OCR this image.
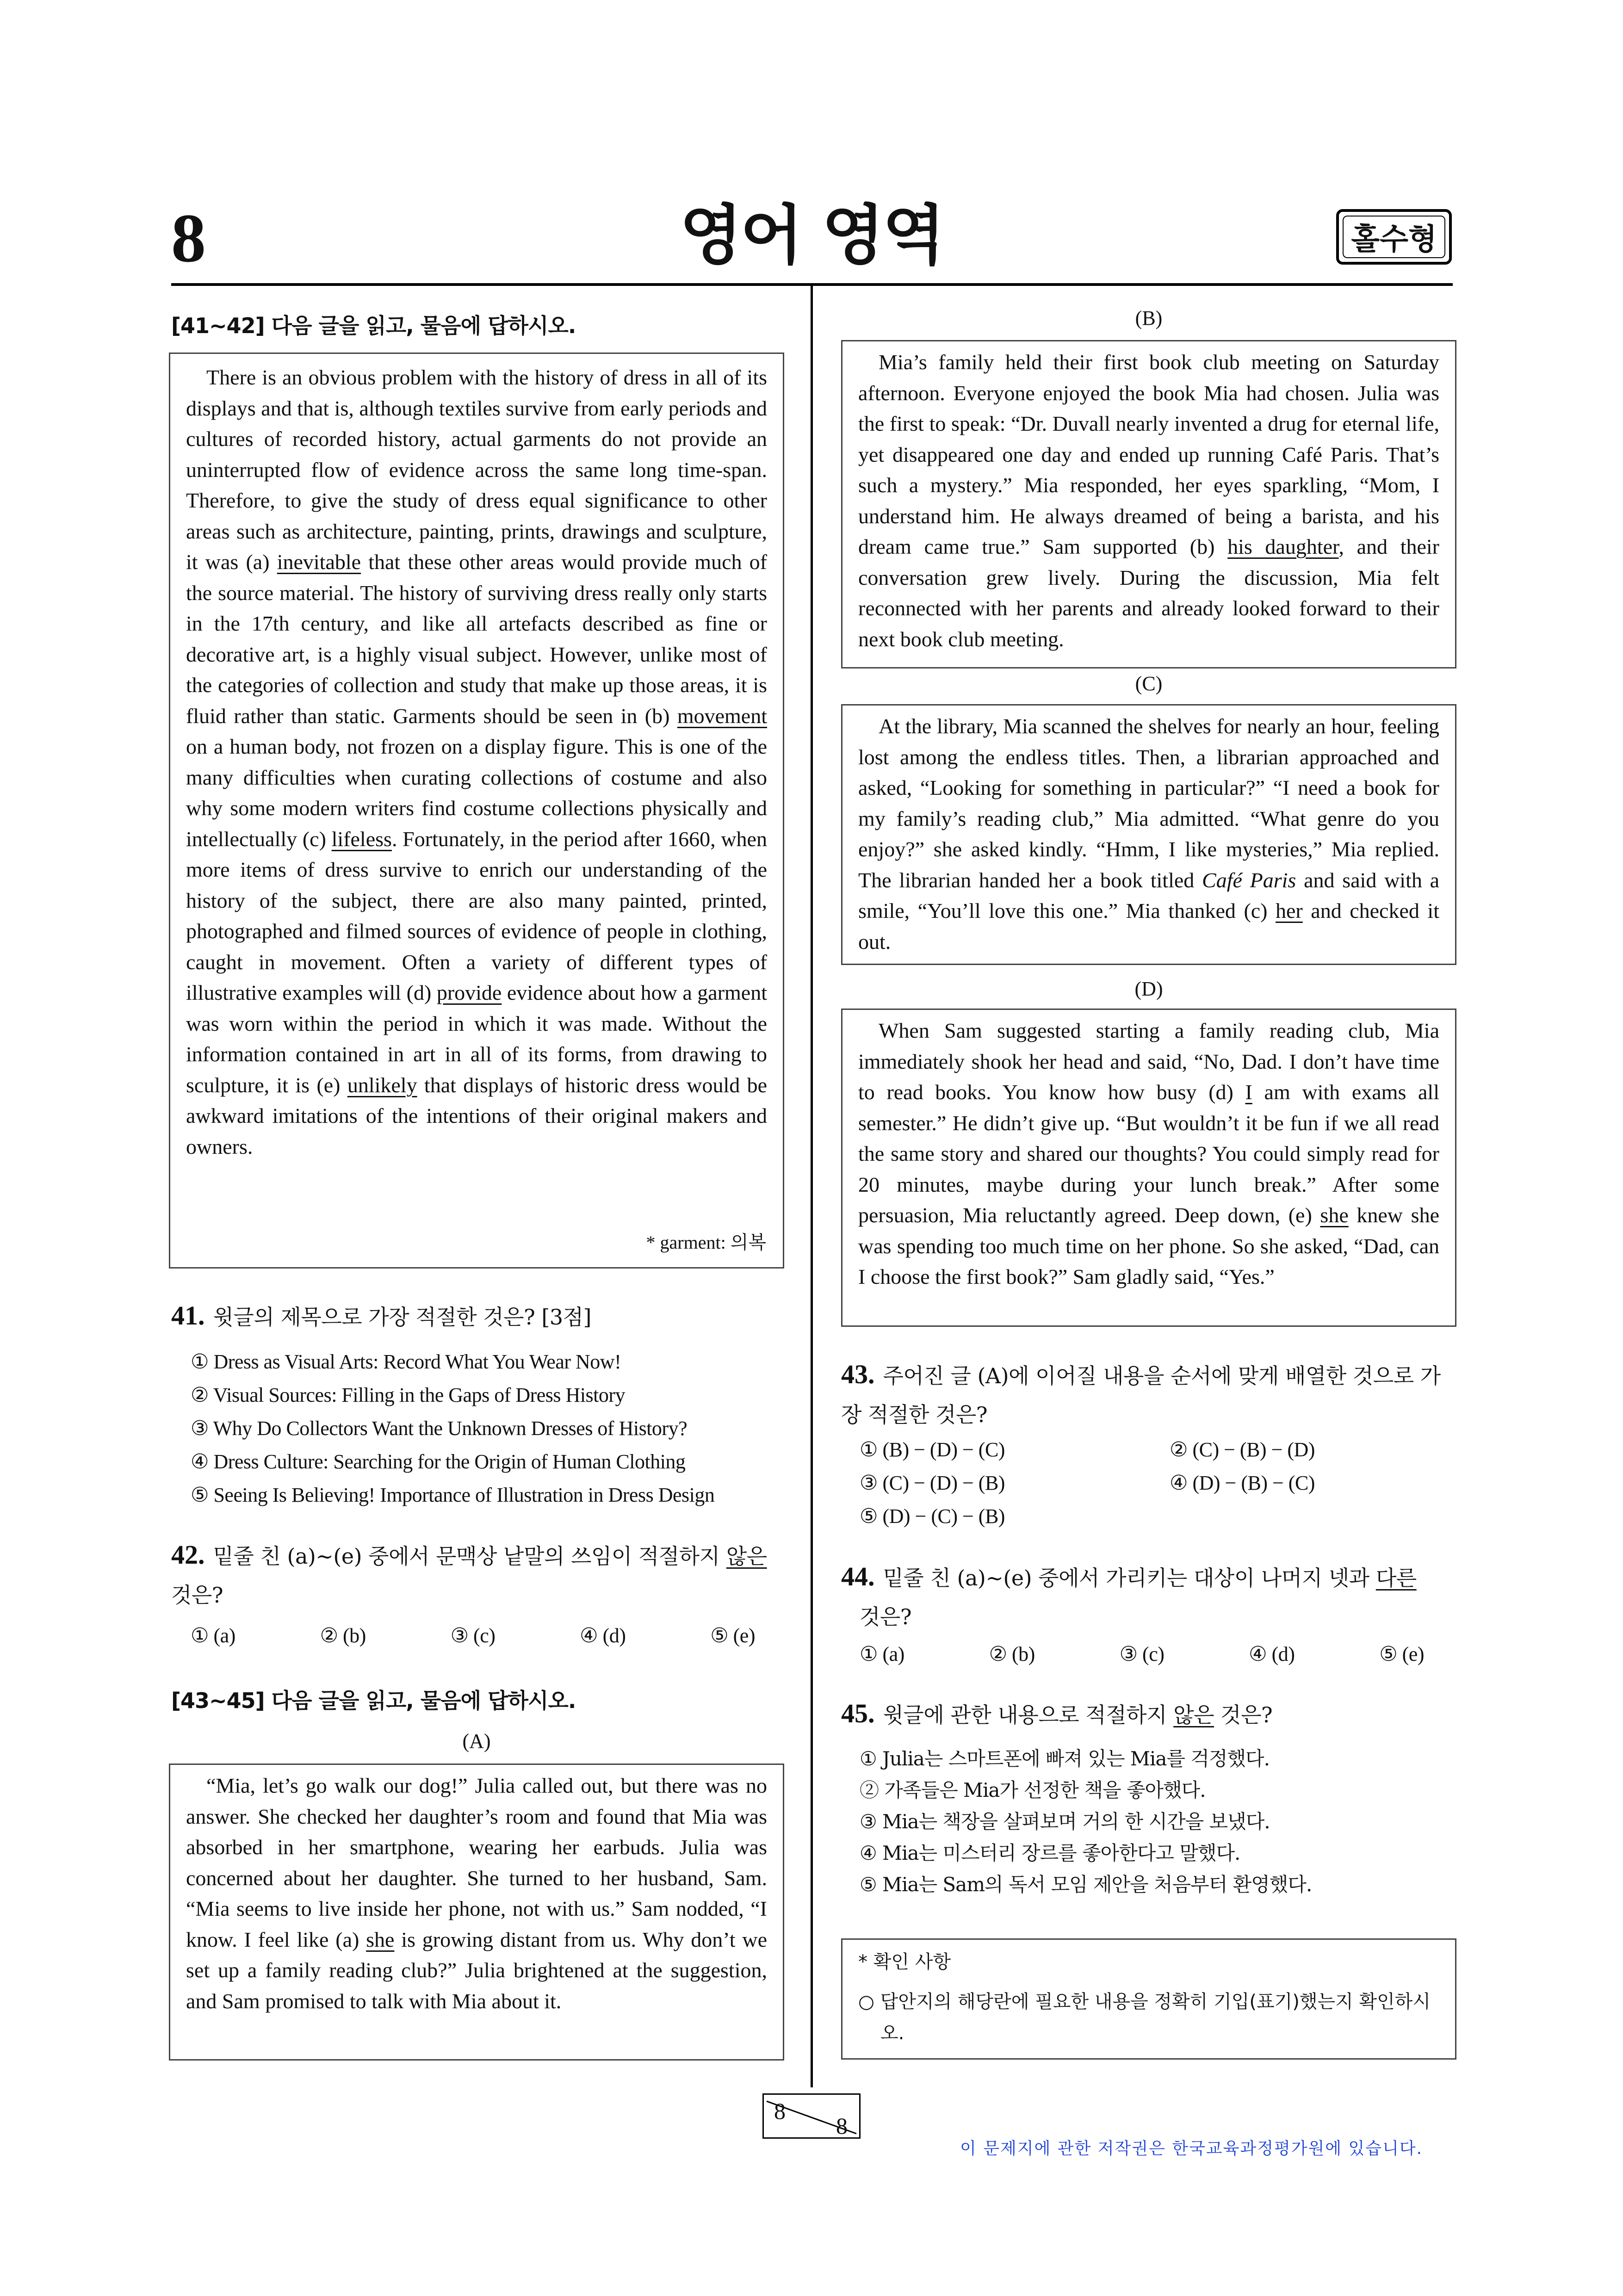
8	영어 영역	홀수형
[41∼42] 다음 글을 읽고, 물음에 답하시오.

There is an obvious problem with the history of dress in all of its displays and that is, although textiles survive from early periods and cultures of recorded history, actual garments do not provide an uninterrupted flow of evidence across the same long time-span. Therefore, to give the study of dress equal significance to other areas such as architecture, painting, prints, drawings and sculpture, it was (a) inevitable that these other areas would provide much of the source material. The history of surviving dress really only starts in the 17th century, and like all artefacts described as fine or decorative art, is a highly visual subject. However, unlike most of the categories of collection and study that make up those areas, it is fluid rather than static. Garments should be seen in (b) movement on a human body, not frozen on a display figure. This is one of the many difficulties when curating collections of costume and also why some modern writers find costume collections physically and intellectually (c) lifeless. Fortunately, in the period after 1660, when more items of dress survive to enrich our understanding of the history of the subject, there are also many painted, printed, photographed and filmed sources of evidence of people in clothing, caught in movement. Often a variety of different types of illustrative examples will (d) provide evidence about how a garment was worn within the period in which it was made. Without the information contained in art in all of its forms, from drawing to sculpture, it is (e) unlikely that displays of historic dress would be awkward imitations of the intentions of their original makers and owners.

* garment: 의복
41. 윗글의 제목으로 가장 적절한 것은? [3점]
① Dress as Visual Arts: Record What You Wear Now!
② Visual Sources: Filling in the Gaps of Dress History
③ Why Do Collectors Want the Unknown Dresses of History?
④ Dress Culture: Searching for the Origin of Human Clothing
⑤ Seeing Is Believing! Importance of Illustration in Dress Design
42. 밑줄 친 (a)∼(e) 중에서 문맥상 낱말의 쓰임이 적절하지 않은
것은?
① (a)	② (b)	③ (c)	④ (d)	⑤ (e)
[43∼45] 다음 글을 읽고, 물음에 답하시오.
(A)

“Mia, let’s go walk our dog!” Julia called out, but there was no answer. She checked her daughter’s room and found that Mia was absorbed in her smartphone, wearing her earbuds. Julia was concerned about her daughter. She turned to her husband, Sam. “Mia seems to live inside her phone, not with us.” Sam nodded, “I know. I feel like (a) she is growing distant from us. Why don’t we set up a family reading club?” Julia brightened at the suggestion, and Sam promised to talk with Mia about it.

(B)

Mia’s family held their first book club meeting on Saturday afternoon. Everyone enjoyed the book Mia had chosen. Julia was the first to speak: “Dr. Duvall nearly invented a drug for eternal life, yet disappeared one day and ended up running Café Paris. That’s such a mystery.” Mia responded, her eyes sparkling, “Mom, I understand him. He always dreamed of being a barista, and his dream came true.” Sam supported (b) his daughter, and their conversation grew lively. During the discussion, Mia felt reconnected with her parents and already looked forward to their next book club meeting.

(C)

At the library, Mia scanned the shelves for nearly an hour, feeling lost among the endless titles. Then, a librarian approached and asked, “Looking for something in particular?” “I need a book for my family’s reading club,” Mia admitted. “What genre do you enjoy?” she asked kindly. “Hmm, I like mysteries,” Mia replied. The librarian handed her a book titled Café Paris and said with a smile, “You’ll love this one.” Mia thanked (c) her and checked it out.

(D)

When Sam suggested starting a family reading club, Mia immediately shook her head and said, “No, Dad. I don’t have time to read books. You know how busy (d) I am with exams all semester.” He didn’t give up. “But wouldn’t it be fun if we all read the same story and shared our thoughts? You could simply read for 20 minutes, maybe during your lunch break.” After some persuasion, Mia reluctantly agreed. Deep down, (e) she knew she was spending too much time on her phone. So she asked, “Dad, can I choose the first book?” Sam gladly said, “Yes.”

43. 주어진 글 (A)에 이어질 내용을 순서에 맞게 배열한 것으로 가장 적절한 것은?
① (B) − (D) − (C)	② (C) − (B) − (D)
③ (C) − (D) − (B)	④ (D) − (B) − (C)
⑤ (D) − (C) − (B)
44. 밑줄 친 (a)∼(e) 중에서 가리키는 대상이 나머지 넷과 다른
것은?
① (a)	② (b)	③ (c)	④ (d)	⑤ (e)
45. 윗글에 관한 내용으로 적절하지 않은 것은?
① Julia는 스마트폰에 빠져 있는 Mia를 걱정했다.
② 가족들은 Mia가 선정한 책을 좋아했다.
③ Mia는 책장을 살펴보며 거의 한 시간을 보냈다.
④ Mia는 미스터리 장르를 좋아한다고 말했다.
⑤ Mia는 Sam의 독서 모임 제안을 처음부터 환영했다.
* 확인 사항
○ 답안지의 해당란에 필요한 내용을 정확히 기입(표기)했는지 확인하시오.
8
8
이 문제지에 관한 저작권은 한국교육과정평가원에 있습니다.
